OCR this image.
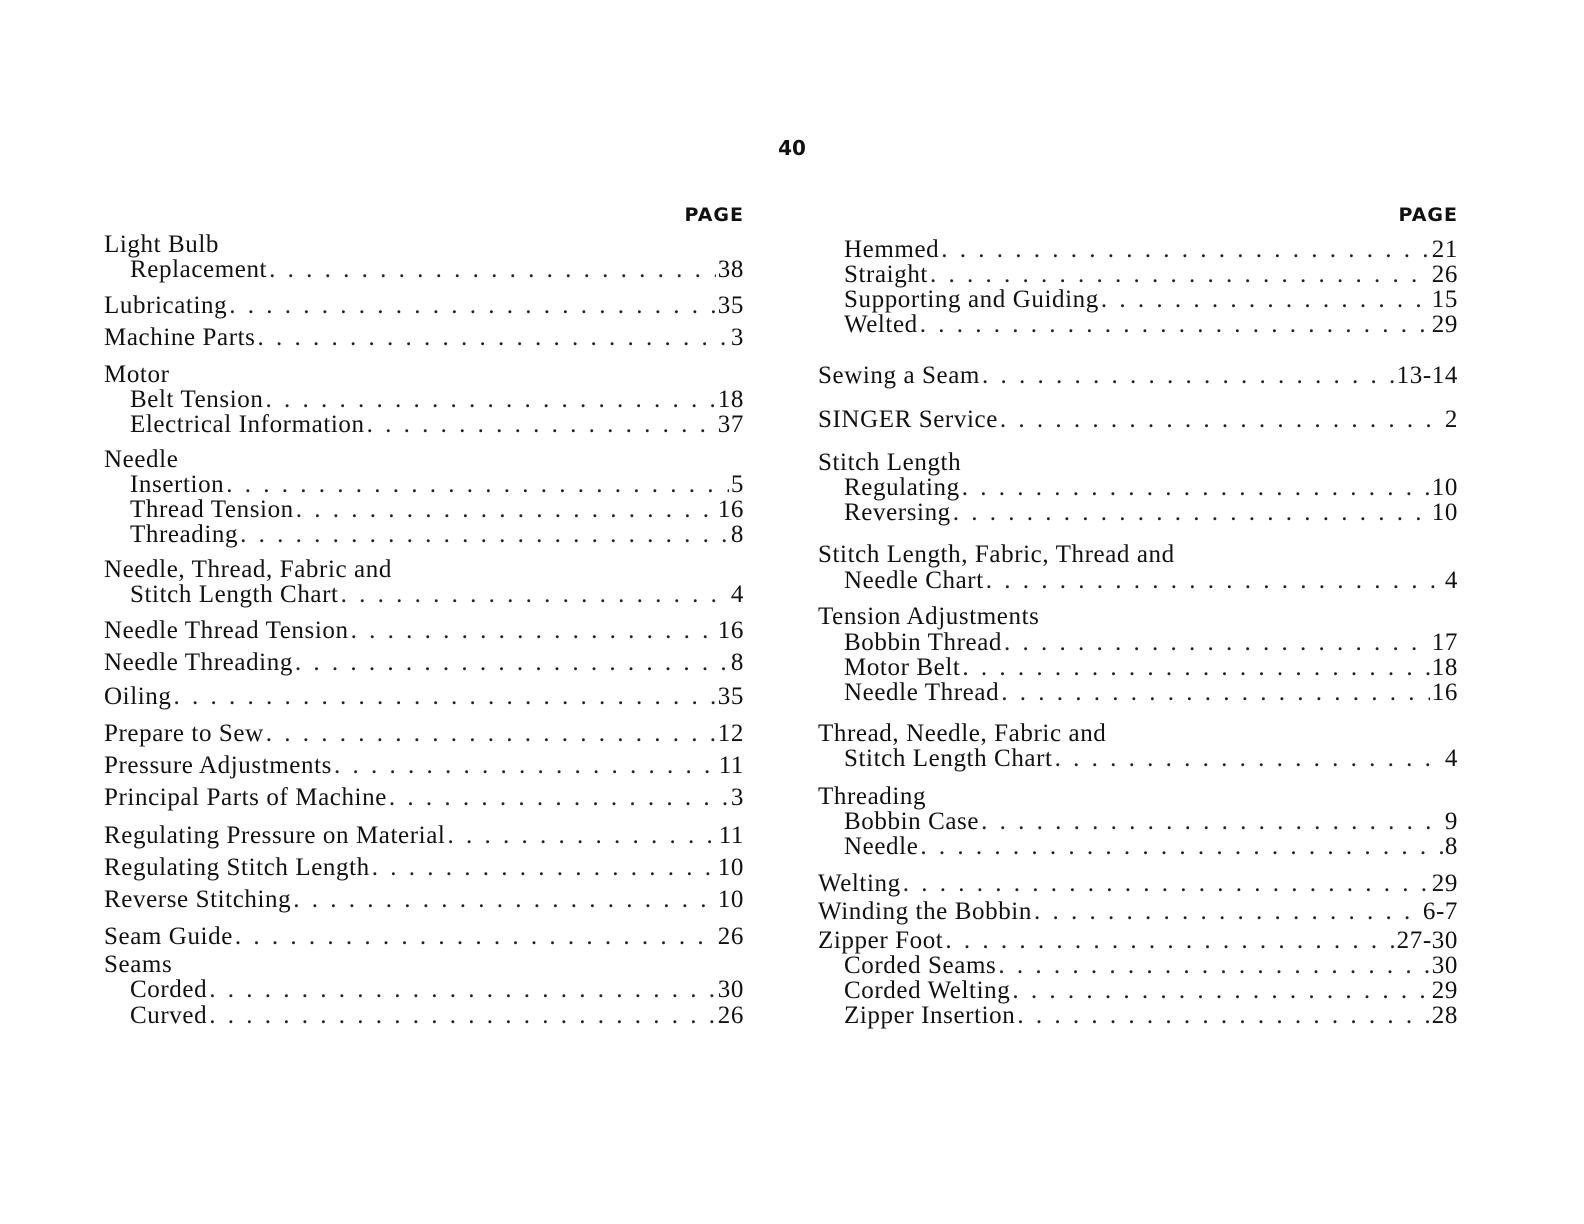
40
PAGE
Light Bulb
Replacement . . .	38
Lubricating . . .	35
Machine Parts . . .	3
Motor
Belt Tension . . .	18
Electrical Information . . .	37
Needle
Insertion . . .	5
Thread Tension . . .	16
Threading . . .	8
Needle, Thread, Fabric and
Stitch Length Chart . . .	4
Needle Thread Tension . . .	16
Needle Threading . . .	8
Oiling . . .	35
Prepare to Sew . . .	12
Pressure Adjustments . . .	11
Principal Parts of Machine . . .	3
Regulating Pressure on Material . . .	11
Regulating Stitch Length . . .	10
Reverse Stitching . . .	10
Seam Guide . . .	26
Seams
Corded . . .	30
Curved . . .	26
PAGE
Hemmed . . .	21
Straight . . .	26
Supporting and Guiding . . .	15
Welted . . .	29
Sewing a Seam . . .	13-14
SINGER Service . . .	2
Stitch Length
Regulating . . .	10
Reversing . . .	10
Stitch Length, Fabric, Thread and
Needle Chart . . .	4
Tension Adjustments
Bobbin Thread . . .	17
Motor Belt . . .	18
Needle Thread . . .	16
Thread, Needle, Fabric and
Stitch Length Chart . . .	4
Threading
Bobbin Case . . .	9
Needle . . .	8
Welting . . .	29
Winding the Bobbin . . .	6-7
Zipper Foot . . .	27-30
Corded Seams . . .	30
Corded Welting . . .	29
Zipper Insertion . . .	28
